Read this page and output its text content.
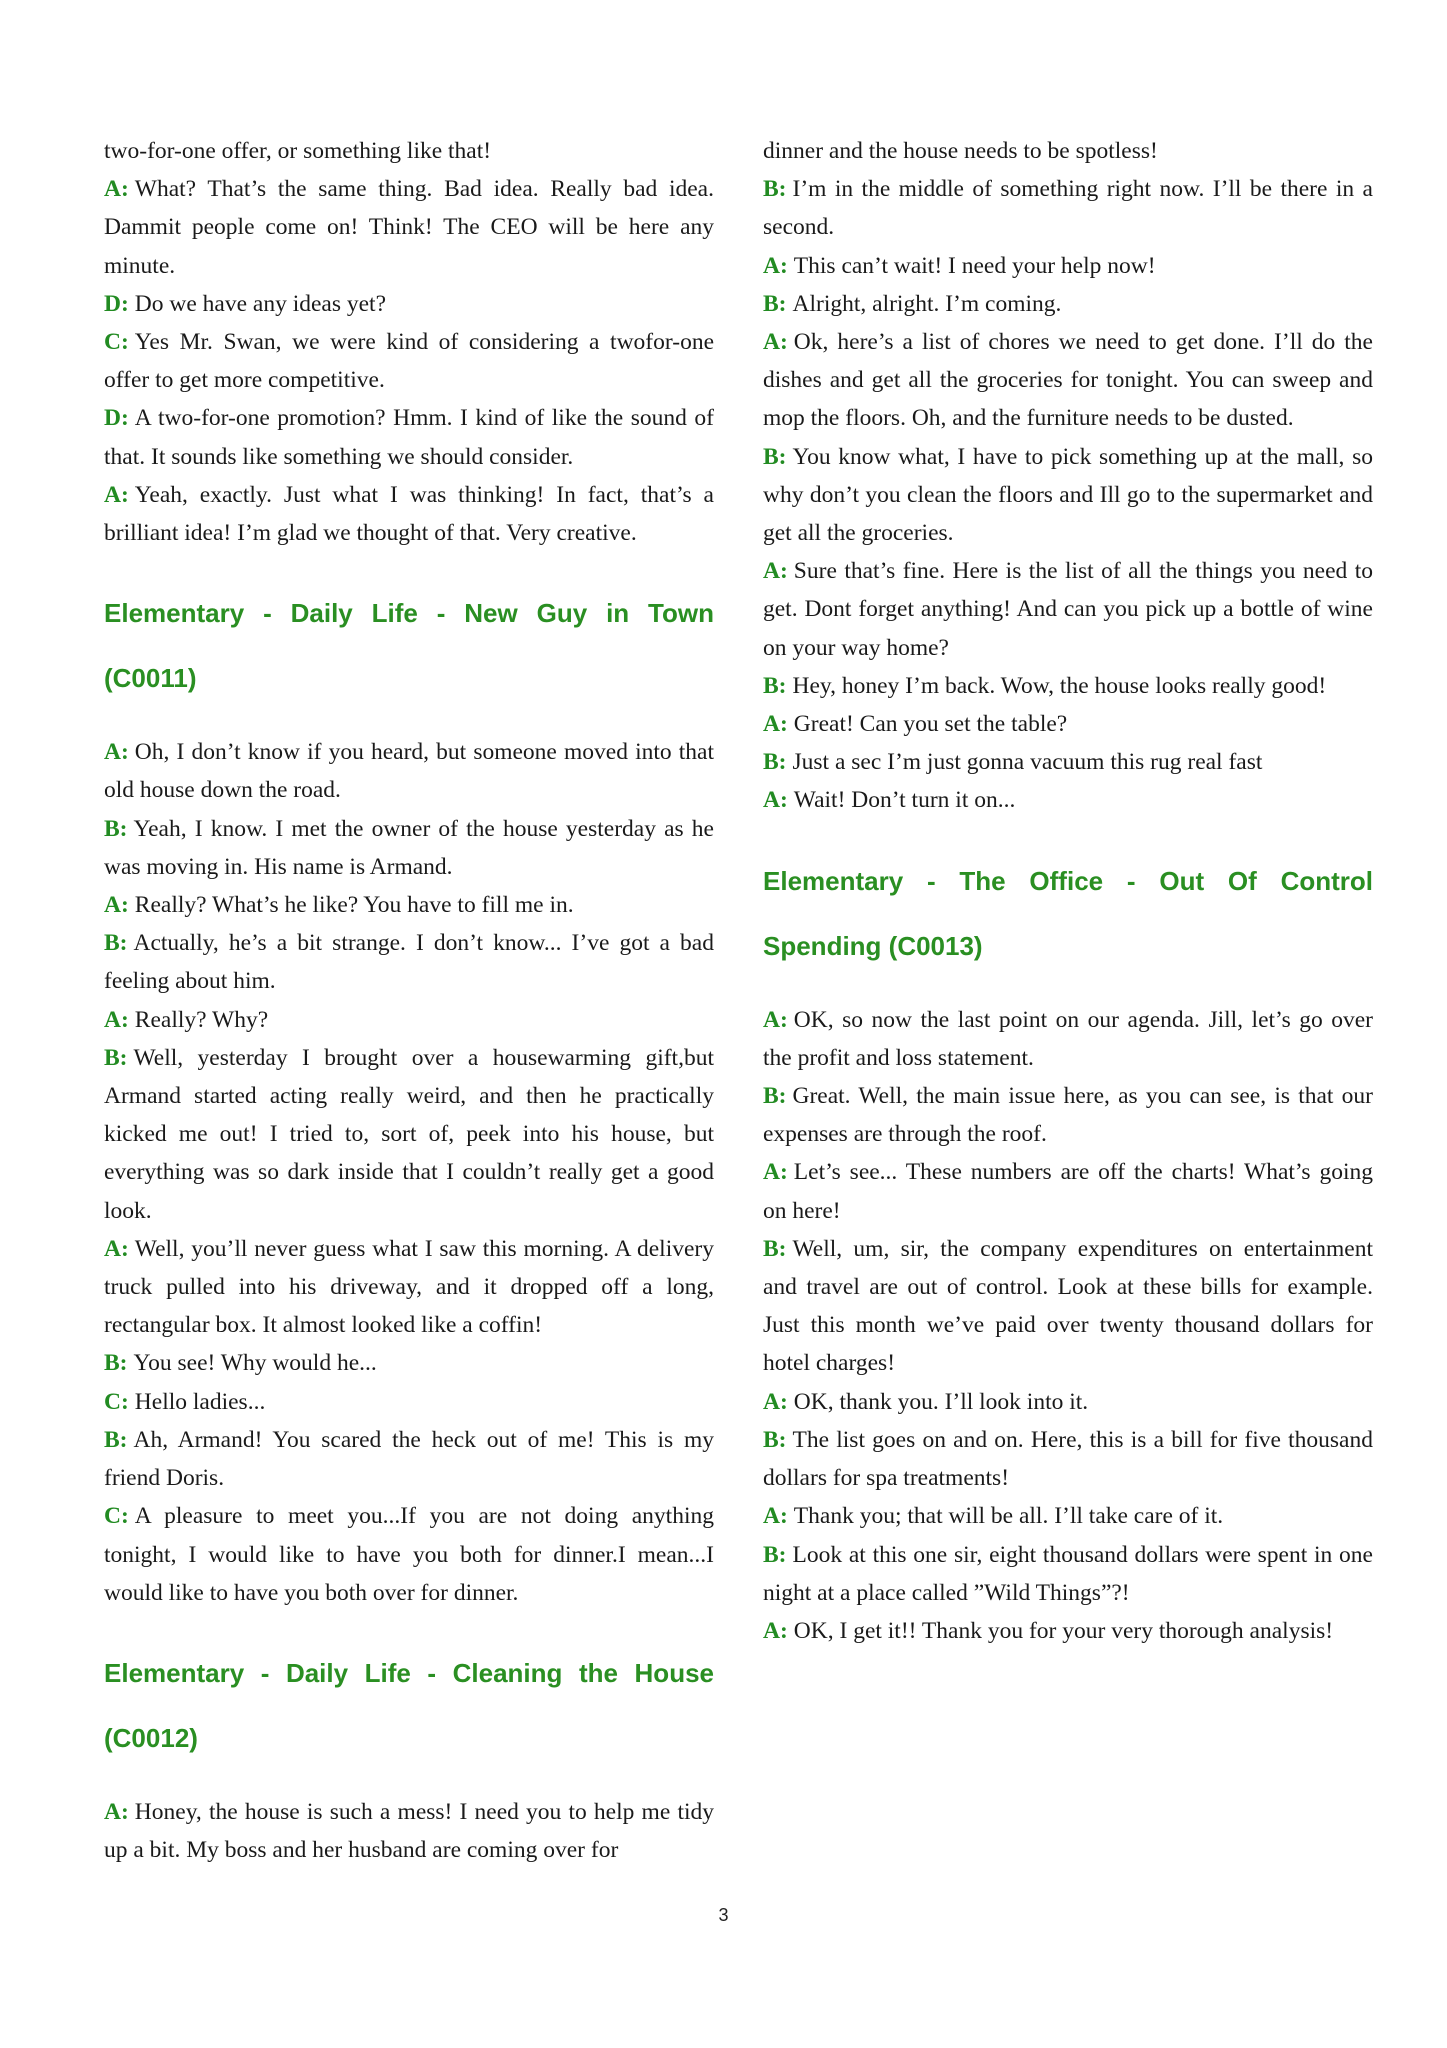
two-for-one offer, or something like that!
A: What? That’s the same thing. Bad idea. Really bad idea. Dammit people come on! Think! The CEO will be here any minute.
D: Do we have any ideas yet?
C: Yes Mr. Swan, we were kind of considering a twofor-one offer to get more competitive.
D: A two-for-one promotion? Hmm. I kind of like the sound of that. It sounds like something we should consider.
A: Yeah, exactly. Just what I was thinking! In fact, that’s a brilliant idea! I’m glad we thought of that. Very creative.
Elementary - Daily Life - New Guy in Town (C0011)
A: Oh, I don’t know if you heard, but someone moved into that old house down the road.
B: Yeah, I know. I met the owner of the house yesterday as he was moving in. His name is Armand.
A: Really? What’s he like? You have to fill me in.
B: Actually, he’s a bit strange. I don’t know... I’ve got a bad feeling about him.
A: Really? Why?
B: Well, yesterday I brought over a housewarming gift,but Armand started acting really weird, and then he practically kicked me out! I tried to, sort of, peek into his house, but everything was so dark inside that I couldn’t really get a good look.
A: Well, you’ll never guess what I saw this morning. A delivery truck pulled into his driveway, and it dropped off a long, rectangular box. It almost looked like a coffin!
B: You see! Why would he...
C: Hello ladies...
B: Ah, Armand! You scared the heck out of me! This is my friend Doris.
C: A pleasure to meet you...If you are not doing anything tonight, I would like to have you both for dinner.I mean...I would like to have you both over for dinner.
Elementary - Daily Life - Cleaning the House (C0012)
A: Honey, the house is such a mess! I need you to help me tidy up a bit. My boss and her husband are coming over for
dinner and the house needs to be spotless!
B: I’m in the middle of something right now. I’ll be there in a second.
A: This can’t wait! I need your help now!
B: Alright, alright. I’m coming.
A: Ok, here’s a list of chores we need to get done. I’ll do the dishes and get all the groceries for tonight. You can sweep and mop the floors. Oh, and the furniture needs to be dusted.
B: You know what, I have to pick something up at the mall, so why don’t you clean the floors and Ill go to the supermarket and get all the groceries.
A: Sure that’s fine. Here is the list of all the things you need to get. Dont forget anything! And can you pick up a bottle of wine on your way home?
B: Hey, honey I’m back. Wow, the house looks really good!
A: Great! Can you set the table?
B: Just a sec I’m just gonna vacuum this rug real fast
A: Wait! Don’t turn it on...
Elementary - The Office - Out Of Control Spending (C0013)
A: OK, so now the last point on our agenda. Jill, let’s go over the profit and loss statement.
B: Great. Well, the main issue here, as you can see, is that our expenses are through the roof.
A: Let’s see... These numbers are off the charts! What’s going on here!
B: Well, um, sir, the company expenditures on entertainment and travel are out of control. Look at these bills for example. Just this month we’ve paid over twenty thousand dollars for hotel charges!
A: OK, thank you. I’ll look into it.
B: The list goes on and on. Here, this is a bill for five thousand dollars for spa treatments!
A: Thank you; that will be all. I’ll take care of it.
B: Look at this one sir, eight thousand dollars were spent in one night at a place called ”Wild Things”?!
A: OK, I get it!! Thank you for your very thorough analysis!
3
